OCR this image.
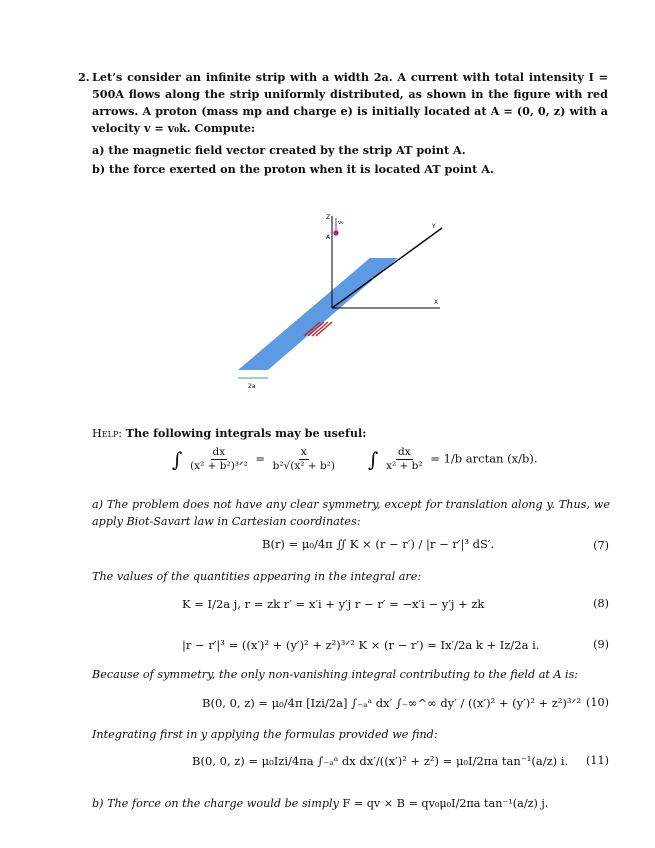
2. Let’s consider an infinite strip with a width 2a. A current with total intensity I = 500A flows along the strip uniformly distributed, as shown in the figure with red arrows. A proton (mass mp and charge e) is initially located at A = (0, 0, z) with a velocity v = v₀k. Compute:
a) the magnetic field vector created by the strip AT point A.
b) the force exerted on the proton when it is located AT point A.
Z
Y
X
A
v₀
2a
Help: The following integrals may be useful:
∫ $\frac{dx}{\text{(x² + b²)³ᐟ²}} = \frac{x}{\text{b²√(x² + b²)}}$ ∫ $\frac{dx}{\text{x² + b²}} = 1/b$ arctan (x/b).
a) The problem does not have any clear symmetry, except for translation along y. Thus, we apply Biot-Savart law in Cartesian coordinates:
B(r) = μ₀/4π ∬ K × (r − r′) / |r − r′|³ dS′.	(7)
The values of the quantities appearing in the integral are:
K = I/2a j, r = zk r′ = x′i + y′j r − r′ = −x′i − y′j + zk	(8)
|r − r′|³ = ((x′)² + (y′)² + z²)³ᐟ² K × (r − r′) = Ix′/2a k + Iz/2a i.	(9)
Because of symmetry, the only non-vanishing integral contributing to the field at A is:
B(0, 0, z) = μ₀/4π [Izi/2a] ∫₋ₐᵃ dx′ ∫₋∞^∞ dy′ / ((x′)² + (y′)² + z²)³ᐟ² (10)
Integrating first in y applying the formulas provided we find:
B(0, 0, z) = μ₀Izi/4πa ∫₋ₐᵃ dx dx′/((x′)² + z²) = μ₀I/2πa tan⁻¹(a/z) i. (11)
b) The force on the charge would be simply F = qv × B = qv₀μ₀I/2πa tan⁻¹(a/z) j.
